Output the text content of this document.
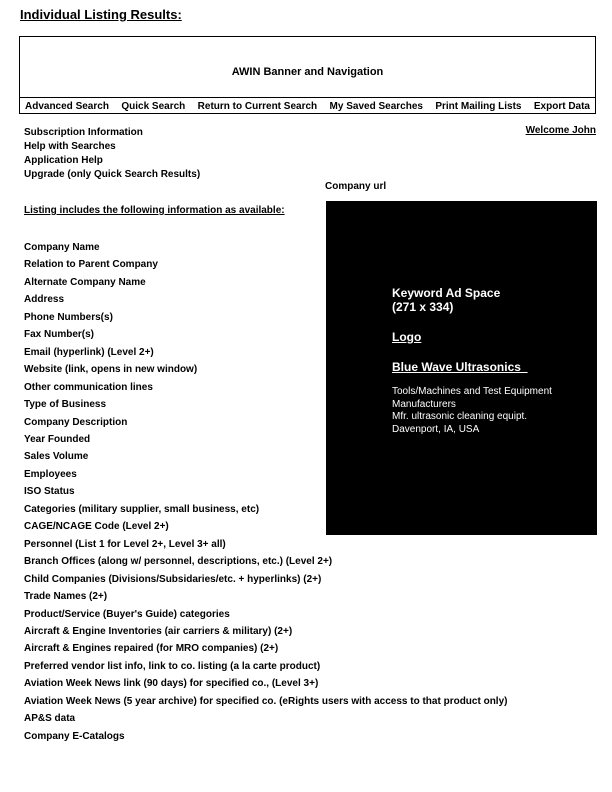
Individual Listing Results:
AWIN Banner and Navigation
Advanced Search Quick Search Return to Current Search My Saved Searches Print Mailing Lists Export Data
Subscription Information
Help with Searches
Application Help
Upgrade (only Quick Search Results)
Welcome John
Company url
Listing includes the following information as available:
Company Name
Relation to Parent Company
Alternate Company Name
Address
Phone Numbers(s)
Fax Number(s)
Email (hyperlink) (Level 2+)
Website (link, opens in new window)
Other communication lines
Type of Business
Company Description
Year Founded
Sales Volume
Employees
ISO Status
Categories (military supplier, small business, etc)
CAGE/NCAGE Code (Level 2+)
Personnel (List 1 for Level 2+, Level 3+ all)
Branch Offices (along w/ personnel, descriptions, etc.) (Level 2+)
Child Companies (Divisions/Subsidaries/etc. + hyperlinks) (2+)
Trade Names (2+)
Product/Service (Buyer's Guide) categories
Aircraft & Engine Inventories (air carriers & military) (2+)
Aircraft & Engines repaired (for MRO companies) (2+)
Preferred vendor list info, link to co. listing (a la carte product)
Aviation Week News link (90 days) for specified co., (Level 3+)
Aviation Week News (5 year archive) for specified co. (eRights users with access to that product only)
AP&S data
Company E-Catalogs
Keyword Ad Space
(271 x 334)
Logo
Blue Wave Ultrasonics
Tools/Machines and Test Equipment
Manufacturers
Mfr. ultrasonic cleaning equipt.
Davenport, IA, USA
